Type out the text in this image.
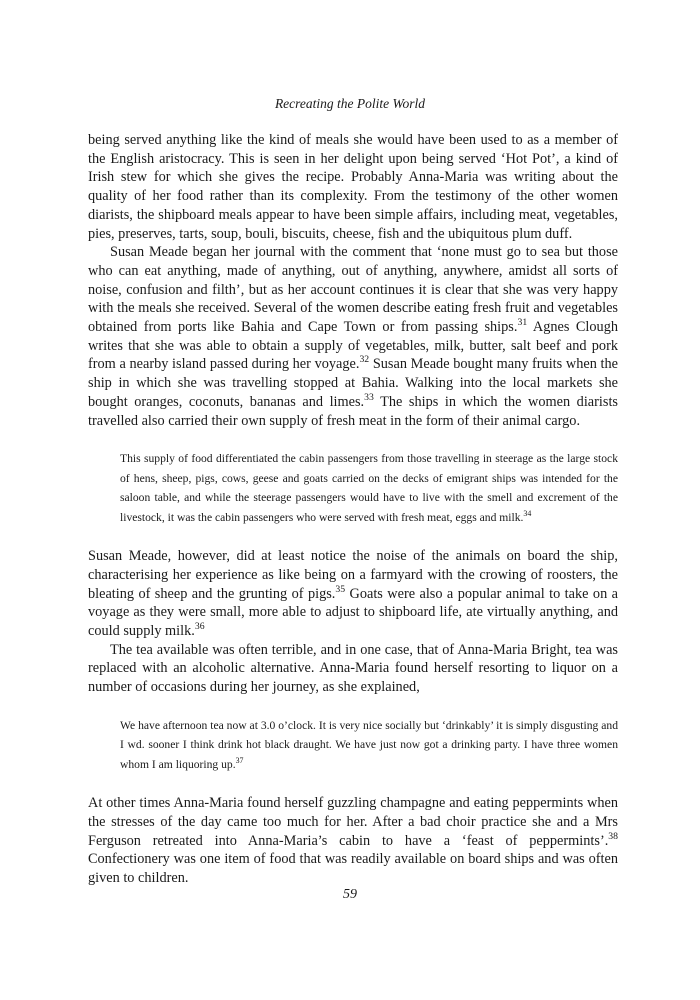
Recreating the Polite World

being served anything like the kind of meals she would have been used to as a member of the English aristocracy. This is seen in her delight upon being served ‘Hot Pot’, a kind of Irish stew for which she gives the recipe. Probably Anna-Maria was writing about the quality of her food rather than its complexity. From the testimony of the other women diarists, the shipboard meals appear to have been simple affairs, including meat, vegetables, pies, preserves, tarts, soup, bouli, biscuits, cheese, fish and the ubiquitous plum duff.

Susan Meade began her journal with the comment that ‘none must go to sea but those who can eat anything, made of anything, out of anything, anywhere, amidst all sorts of noise, confusion and filth’, but as her account continues it is clear that she was very happy with the meals she received. Several of the women describe eating fresh fruit and vegetables obtained from ports like Bahia and Cape Town or from passing ships.$^{31}$ Agnes Clough writes that she was able to obtain a supply of vegetables, milk, butter, salt beef and pork from a nearby island passed during her voyage.$^{32}$ Susan Meade bought many fruits when the ship in which she was travelling stopped at Bahia. Walking into the local markets she bought oranges, coconuts, bananas and limes.$^{33}$ The ships in which the women diarists travelled also carried their own supply of fresh meat in the form of their animal cargo.

This supply of food differentiated the cabin passengers from those travelling in steerage as the large stock of hens, sheep, pigs, cows, geese and goats carried on the decks of emigrant ships was intended for the saloon table, and while the steerage passengers would have to live with the smell and excrement of the livestock, it was the cabin passengers who were served with fresh meat, eggs and milk.$^{34}$

Susan Meade, however, did at least notice the noise of the animals on board the ship, characterising her experience as like being on a farmyard with the crowing of roosters, the bleating of sheep and the grunting of pigs.$^{35}$ Goats were also a popular animal to take on a voyage as they were small, more able to adjust to shipboard life, ate virtually anything, and could supply milk.$^{36}$

The tea available was often terrible, and in one case, that of Anna-Maria Bright, tea was replaced with an alcoholic alternative. Anna-Maria found herself resorting to liquor on a number of occasions during her journey, as she explained,

We have afternoon tea now at 3.0 o’clock. It is very nice socially but ‘drinkably’ it is simply disgusting and I wd. sooner I think drink hot black draught. We have just now got a drinking party. I have three women whom I am liquoring up.$^{37}$

At other times Anna-Maria found herself guzzling champagne and eating peppermints when the stresses of the day came too much for her. After a bad choir practice she and a Mrs Ferguson retreated into Anna-Maria’s cabin to have a ‘feast of peppermints’.$^{38}$ Confectionery was one item of food that was readily available on board ships and was often given to children.

59
